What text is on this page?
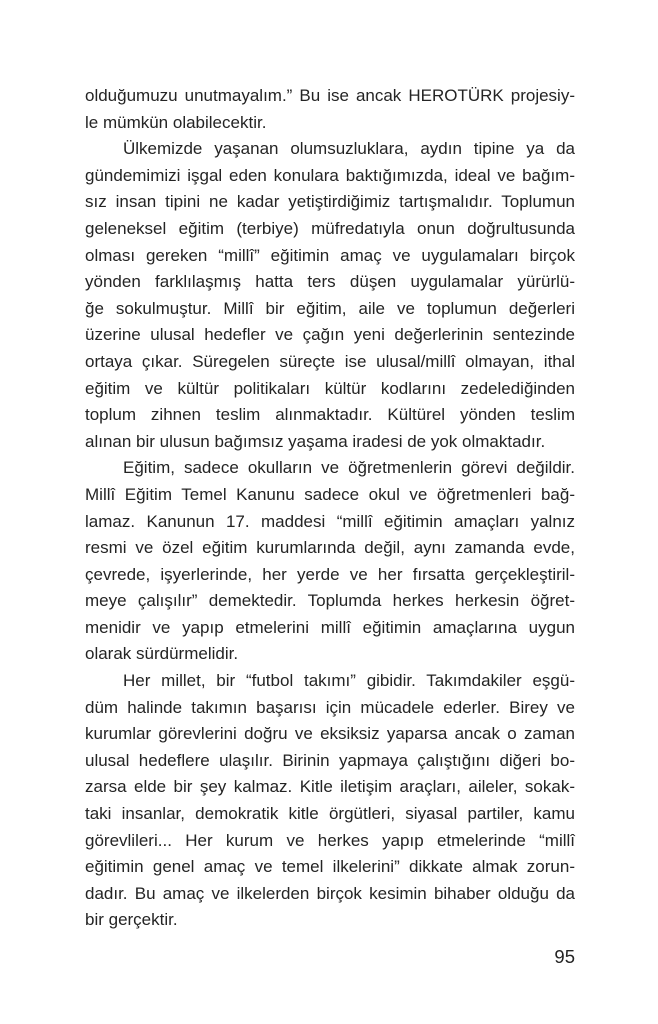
olduğumuzu unutmayalım.” Bu ise ancak HEROTÜRK projesiy-
le mümkün olabilecektir.
Ülkemizde yaşanan olumsuzluklara, aydın tipine ya da
gündemimizi işgal eden konulara baktığımızda, ideal ve bağım-
sız insan tipini ne kadar yetiştirdiğimiz tartışmalıdır. Toplumun
geleneksel eğitim (terbiye) müfredatıyla onun doğrultusunda
olması gereken “millî” eğitimin amaç ve uygulamaları birçok
yönden farklılaşmış hatta ters düşen uygulamalar yürürlü-
ğe sokulmuştur. Millî bir eğitim, aile ve toplumun değerleri
üzerine ulusal hedefler ve çağın yeni değerlerinin sentezinde
ortaya çıkar. Süregelen süreçte ise ulusal/millî olmayan, ithal
eğitim ve kültür politikaları kültür kodlarını zedelediğinden
toplum zihnen teslim alınmaktadır. Kültürel yönden teslim
alınan bir ulusun bağımsız yaşama iradesi de yok olmaktadır.
Eğitim, sadece okulların ve öğretmenlerin görevi değildir.
Millî Eğitim Temel Kanunu sadece okul ve öğretmenleri bağ-
lamaz. Kanunun 17. maddesi “millî eğitimin amaçları yalnız
resmi ve özel eğitim kurumlarında değil, aynı zamanda evde,
çevrede, işyerlerinde, her yerde ve her fırsatta gerçekleştiril-
meye çalışılır” demektedir. Toplumda herkes herkesin öğret-
menidir ve yapıp etmelerini millî eğitimin amaçlarına uygun
olarak sürdürmelidir.
Her millet, bir “futbol takımı” gibidir. Takımdakiler eşgü-
düm halinde takımın başarısı için mücadele ederler. Birey ve
kurumlar görevlerini doğru ve eksiksiz yaparsa ancak o zaman
ulusal hedeflere ulaşılır. Birinin yapmaya çalıştığını diğeri bo-
zarsa elde bir şey kalmaz. Kitle iletişim araçları, aileler, sokak-
taki insanlar, demokratik kitle örgütleri, siyasal partiler, kamu
görevlileri... Her kurum ve herkes yapıp etmelerinde “millî
eğitimin genel amaç ve temel ilkelerini” dikkate almak zorun-
dadır. Bu amaç ve ilkelerden birçok kesimin bihaber olduğu da
bir gerçektir.
95
